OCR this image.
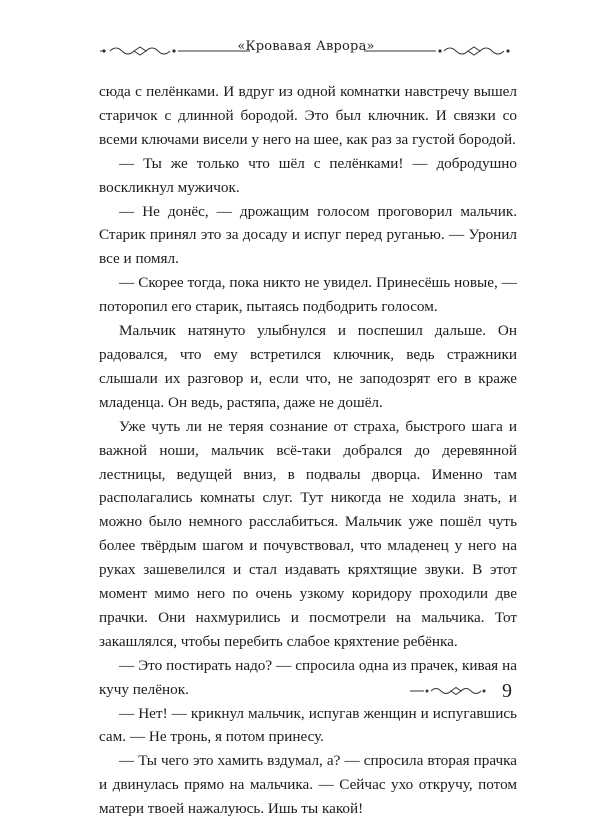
«Кровавая Аврора»

сюда с пелёнками. И вдруг из одной комнатки навстречу вышел старичок с длинной бородой. Это был ключник. И связки со всеми ключами висели у него на шее, как раз за густой бородой.

— Ты же только что шёл с пелёнками! — добродушно воскликнул мужичок.

— Не донёс, — дрожащим голосом проговорил мальчик. Старик принял это за досаду и испуг перед руганью. — Уронил все и помял.

— Скорее тогда, пока никто не увидел. Принесёшь новые, — поторопил его старик, пытаясь подбодрить голосом.

Мальчик натянуто улыбнулся и поспешил дальше. Он радовался, что ему встретился ключник, ведь стражники слышали их разговор и, если что, не заподозрят его в краже младенца. Он ведь, растяпа, даже не дошёл.

Уже чуть ли не теряя сознание от страха, быстрого шага и важной ноши, мальчик всё-таки добрался до деревянной лестницы, ведущей вниз, в подвалы дворца. Именно там располагались комнаты слуг. Тут никогда не ходила знать, и можно было немного расслабиться. Мальчик уже пошёл чуть более твёрдым шагом и почувствовал, что младенец у него на руках зашевелился и стал издавать кряхтящие звуки. В этот момент мимо него по очень узкому коридору проходили две прачки. Они нахмурились и посмотрели на мальчика. Тот закашлялся, чтобы перебить слабое кряхтение ребёнка.

— Это постирать надо? — спросила одна из прачек, кивая на кучу пелёнок.

— Нет! — крикнул мальчик, испугав женщин и испугавшись сам. — Не тронь, я потом принесу.

— Ты чего это хамить вздумал, а? — спросила вторая прачка и двинулась прямо на мальчика. — Сейчас ухо откручу, потом матери твоей нажалуюсь. Ишь ты какой!

9
